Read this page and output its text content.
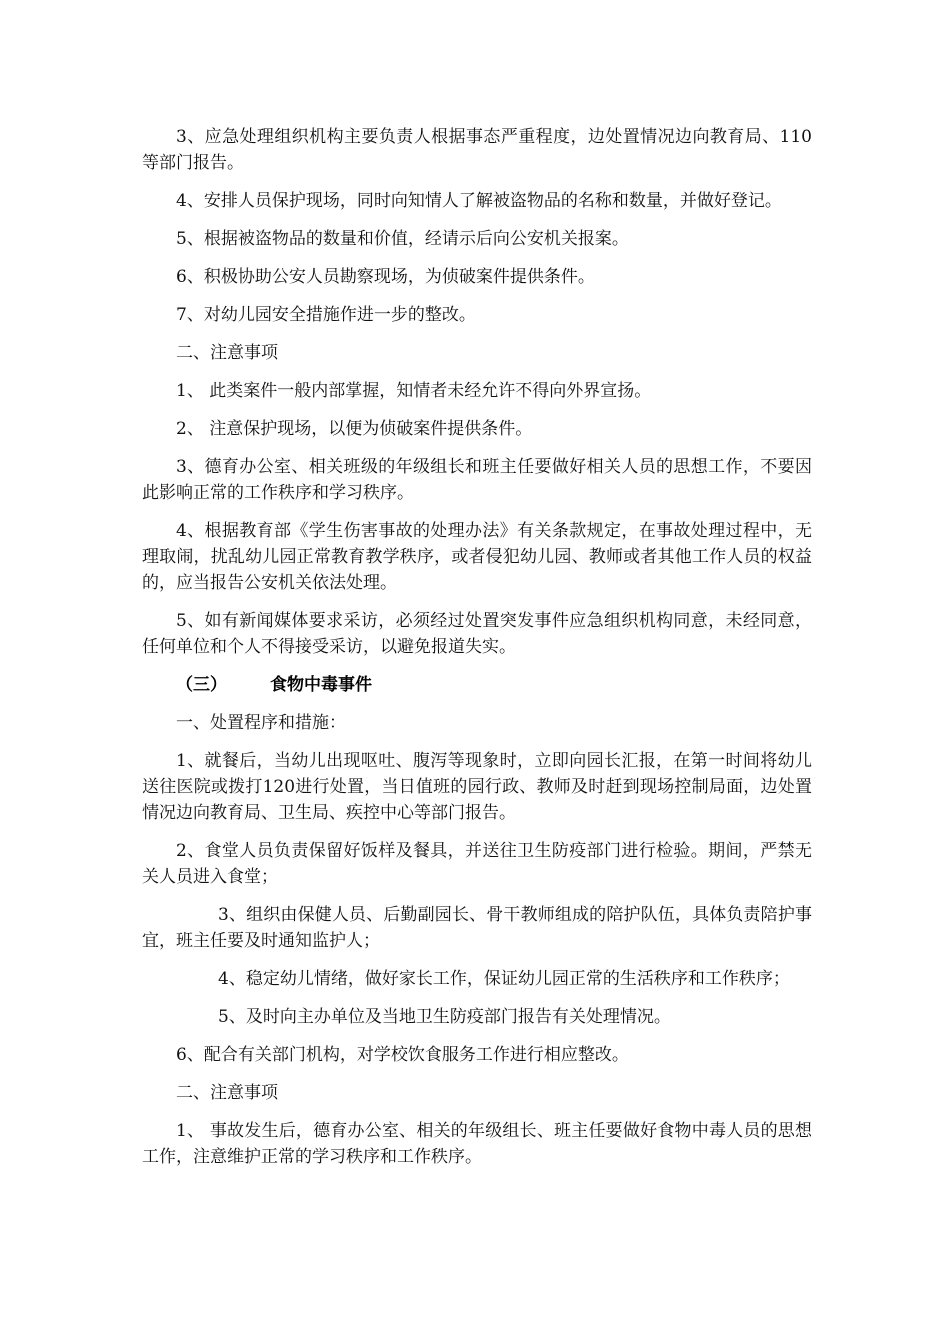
3、应急处理组织机构主要负责人根据事态严重程度，边处置情况边向教育局、110等部门报告。

4、安排人员保护现场，同时向知情人了解被盗物品的名称和数量，并做好登记。

5、根据被盗物品的数量和价值，经请示后向公安机关报案。

6、积极协助公安人员勘察现场，为侦破案件提供条件。

7、对幼儿园安全措施作进一步的整改。

二、注意事项

1、 此类案件一般内部掌握，知情者未经允许不得向外界宣扬。

2、 注意保护现场，以便为侦破案件提供条件。

3、德育办公室、相关班级的年级组长和班主任要做好相关人员的思想工作，不要因此影响正常的工作秩序和学习秩序。

4、根据教育部《学生伤害事故的处理办法》有关条款规定，在事故处理过程中，无理取闹，扰乱幼儿园正常教育教学秩序，或者侵犯幼儿园、教师或者其他工作人员的权益的，应当报告公安机关依法处理。

5、如有新闻媒体要求采访，必须经过处置突发事件应急组织机构同意，未经同意，任何单位和个人不得接受采访，以避免报道失实。

（三）	食物中毒事件

一、处置程序和措施：

1、就餐后，当幼儿出现呕吐、腹泻等现象时，立即向园长汇报，在第一时间将幼儿送往医院或拨打120进行处置，当日值班的园行政、教师及时赶到现场控制局面，边处置情况边向教育局、卫生局、疾控中心等部门报告。

2、食堂人员负责保留好饭样及餐具，并送往卫生防疫部门进行检验。期间，严禁无关人员进入食堂；

3、组织由保健人员、后勤副园长、骨干教师组成的陪护队伍，具体负责陪护事宜，班主任要及时通知监护人；

4、稳定幼儿情绪，做好家长工作，保证幼儿园正常的生活秩序和工作秩序；

5、及时向主办单位及当地卫生防疫部门报告有关处理情况。

6、配合有关部门机构，对学校饮食服务工作进行相应整改。

二、注意事项

1、 事故发生后，德育办公室、相关的年级组长、班主任要做好食物中毒人员的思想工作，注意维护正常的学习秩序和工作秩序。
